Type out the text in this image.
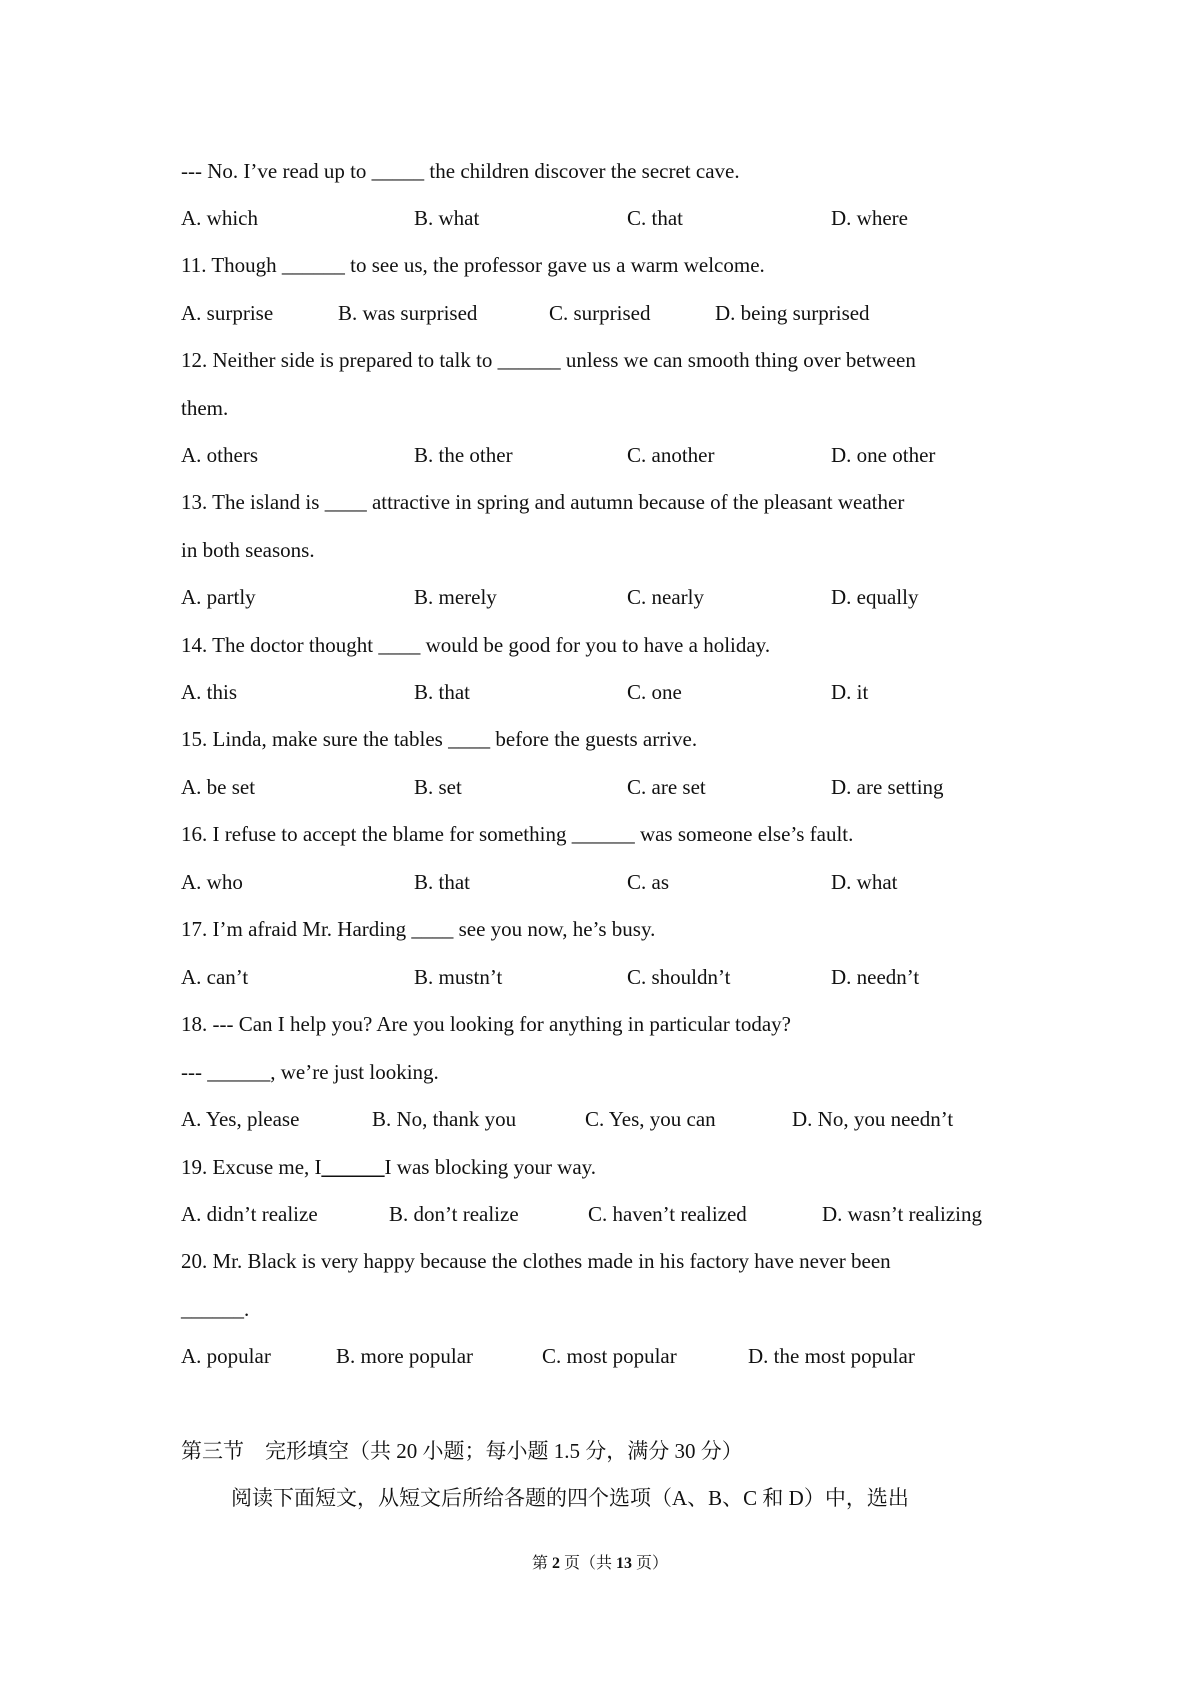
--- No. I’ve read up to _____ the children discover the secret cave.
A. which	B. what	C. that	D. where
11. Though ______ to see us, the professor gave us a warm welcome.
A. surprise	B. was surprised	C. surprised	D. being surprised
12. Neither side is prepared to talk to ______ unless we can smooth thing over between
them.
A. others	B. the other	C. another	D. one other
13. The island is ____ attractive in spring and autumn because of the pleasant weather
in both seasons.
A. partly	B. merely	C. nearly	D. equally
14. The doctor thought ____ would be good for you to have a holiday.
A. this	B. that	C. one	D. it
15. Linda, make sure the tables ____ before the guests arrive.
A. be set	B. set	C. are set	D. are setting
16. I refuse to accept the blame for something ______ was someone else’s fault.
A. who	B. that	C. as	D. what
17. I’m afraid Mr. Harding ____ see you now, he’s busy.
A. can’t	B. mustn’t	C. shouldn’t	D. needn’t
18. --- Can I help you? Are you looking for anything in particular today?
--- ______, we’re just looking.
A. Yes, please	B. No, thank you	C. Yes, you can	D. No, you needn’t
19. Excuse me, I______I was blocking your way.
A. didn’t realize	B. don’t realize	C. haven’t realized	D. wasn’t realizing
20. Mr. Black is very happy because the clothes made in his factory have never been
______.
A. popular	B. more popular	C. most popular	D. the most popular
第三节　完形填空（共 20 小题；每小题 1.5 分，满分 30 分）
阅读下面短文，从短文后所给各题的四个选项（A、B、C 和 D）中，选出
第 2 页（共 13 页）
